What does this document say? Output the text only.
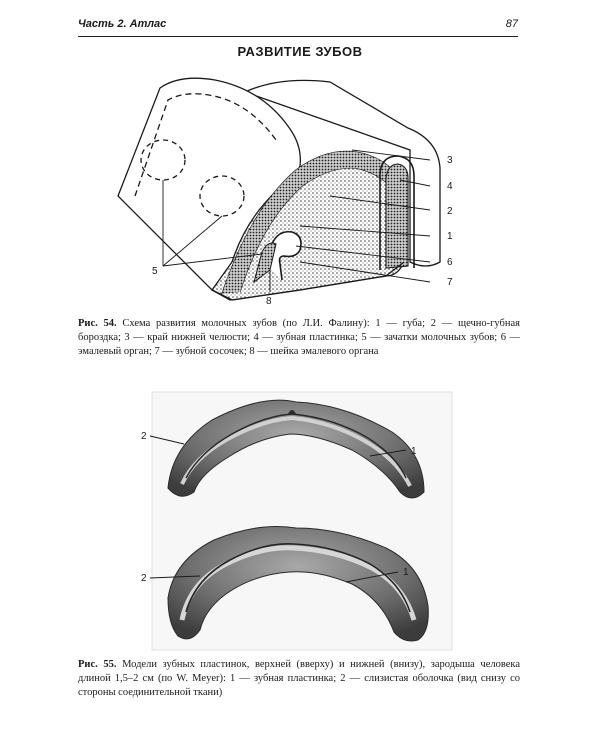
Часть 2. Атлас	87
РАЗВИТИЕ ЗУБОВ
3
4
2
1
6
7
5
8
2
1
2
1
Рис. 54. Схема развития молочных зубов (по Л.И. Фалину): 1 — губа; 2 — щечно-губная бороздка; 3 — край нижней челюсти; 4 — зубная пластинка; 5 — зачатки молочных зубов; 6 — эмалевый орган; 7 — зубной сосочек; 8 — шейка эмалевого органа
Рис. 55. Модели зубных пластинок, верхней (вверху) и нижней (внизу), зародыша человека длиной 1,5–2 см (по W. Meyer): 1 — зубная пластинка; 2 — слизистая оболочка (вид снизу со стороны соединительной ткани)
